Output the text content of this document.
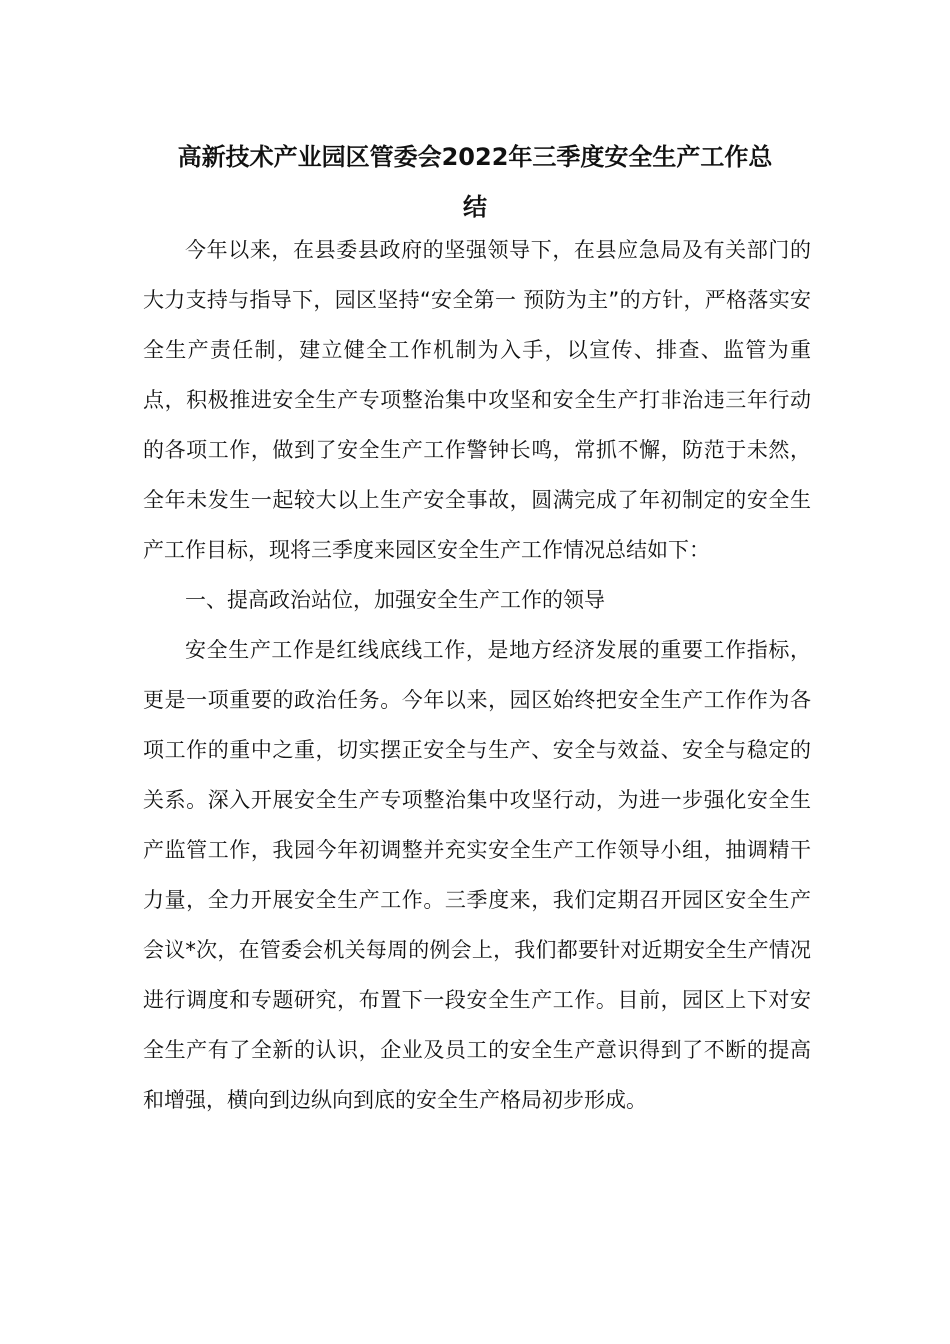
高新技术产业园区管委会2022年三季度安全生产工作总
结

今年以来，在县委县政府的坚强领导下，在县应急局及有关部门的大力支持与指导下，园区坚持“安全第一 预防为主”的方针，严格落实安全生产责任制，建立健全工作机制为入手，以宣传、排查、监管为重点，积极推进安全生产专项整治集中攻坚和安全生产打非治违三年行动的各项工作，做到了安全生产工作警钟长鸣，常抓不懈，防范于未然，全年未发生一起较大以上生产安全事故，圆满完成了年初制定的安全生产工作目标，现将三季度来园区安全生产工作情况总结如下：

一、提高政治站位，加强安全生产工作的领导

安全生产工作是红线底线工作，是地方经济发展的重要工作指标，更是一项重要的政治任务。今年以来，园区始终把安全生产工作作为各项工作的重中之重，切实摆正安全与生产、安全与效益、安全与稳定的关系。深入开展安全生产专项整治集中攻坚行动，为进一步强化安全生产监管工作，我园今年初调整并充实安全生产工作领导小组，抽调精干力量，全力开展安全生产工作。三季度来，我们定期召开园区安全生产会议*次，在管委会机关每周的例会上，我们都要针对近期安全生产情况进行调度和专题研究，布置下一段安全生产工作。目前，园区上下对安全生产有了全新的认识，企业及员工的安全生产意识得到了不断的提高和增强，横向到边纵向到底的安全生产格局初步形成。
